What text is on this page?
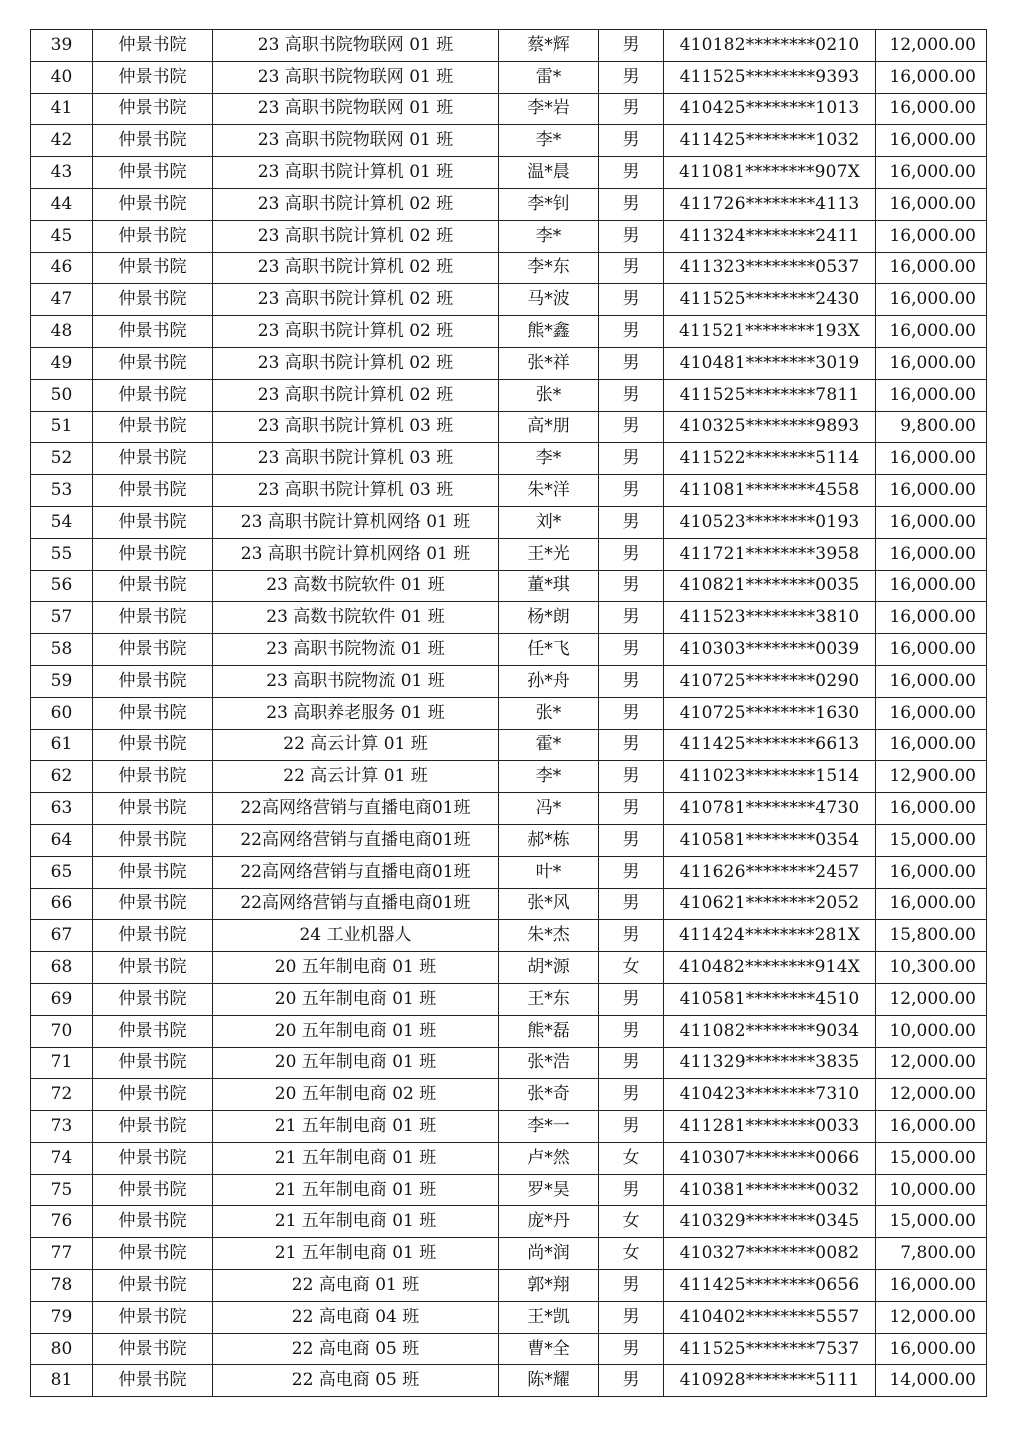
39	仲景书院	23 高职书院物联网 01 班	蔡*辉	男	410182********0210	12,000.00
40	仲景书院	23 高职书院物联网 01 班	雷*	男	411525********9393	16,000.00
41	仲景书院	23 高职书院物联网 01 班	李*岩	男	410425********1013	16,000.00
42	仲景书院	23 高职书院物联网 01 班	李*	男	411425********1032	16,000.00
43	仲景书院	23 高职书院计算机 01 班	温*晨	男	411081********907X	16,000.00
44	仲景书院	23 高职书院计算机 02 班	李*钊	男	411726********4113	16,000.00
45	仲景书院	23 高职书院计算机 02 班	李*	男	411324********2411	16,000.00
46	仲景书院	23 高职书院计算机 02 班	李*东	男	411323********0537	16,000.00
47	仲景书院	23 高职书院计算机 02 班	马*波	男	411525********2430	16,000.00
48	仲景书院	23 高职书院计算机 02 班	熊*鑫	男	411521********193X	16,000.00
49	仲景书院	23 高职书院计算机 02 班	张*祥	男	410481********3019	16,000.00
50	仲景书院	23 高职书院计算机 02 班	张*	男	411525********7811	16,000.00
51	仲景书院	23 高职书院计算机 03 班	高*朋	男	410325********9893	9,800.00
52	仲景书院	23 高职书院计算机 03 班	李*	男	411522********5114	16,000.00
53	仲景书院	23 高职书院计算机 03 班	朱*洋	男	411081********4558	16,000.00
54	仲景书院	23 高职书院计算机网络 01 班	刘*	男	410523********0193	16,000.00
55	仲景书院	23 高职书院计算机网络 01 班	王*光	男	411721********3958	16,000.00
56	仲景书院	23 高数书院软件 01 班	董*琪	男	410821********0035	16,000.00
57	仲景书院	23 高数书院软件 01 班	杨*朗	男	411523********3810	16,000.00
58	仲景书院	23 高职书院物流 01 班	任*飞	男	410303********0039	16,000.00
59	仲景书院	23 高职书院物流 01 班	孙*舟	男	410725********0290	16,000.00
60	仲景书院	23 高职养老服务 01 班	张*	男	410725********1630	16,000.00
61	仲景书院	22 高云计算 01 班	霍*	男	411425********6613	16,000.00
62	仲景书院	22 高云计算 01 班	李*	男	411023********1514	12,900.00
63	仲景书院	22高网络营销与直播电商01班	冯*	男	410781********4730	16,000.00
64	仲景书院	22高网络营销与直播电商01班	郝*栋	男	410581********0354	15,000.00
65	仲景书院	22高网络营销与直播电商01班	叶*	男	411626********2457	16,000.00
66	仲景书院	22高网络营销与直播电商01班	张*风	男	410621********2052	16,000.00
67	仲景书院	24 工业机器人	朱*杰	男	411424********281X	15,800.00
68	仲景书院	20 五年制电商 01 班	胡*源	女	410482********914X	10,300.00
69	仲景书院	20 五年制电商 01 班	王*东	男	410581********4510	12,000.00
70	仲景书院	20 五年制电商 01 班	熊*磊	男	411082********9034	10,000.00
71	仲景书院	20 五年制电商 01 班	张*浩	男	411329********3835	12,000.00
72	仲景书院	20 五年制电商 02 班	张*奇	男	410423********7310	12,000.00
73	仲景书院	21 五年制电商 01 班	李*一	男	411281********0033	16,000.00
74	仲景书院	21 五年制电商 01 班	卢*然	女	410307********0066	15,000.00
75	仲景书院	21 五年制电商 01 班	罗*昊	男	410381********0032	10,000.00
76	仲景书院	21 五年制电商 01 班	庞*丹	女	410329********0345	15,000.00
77	仲景书院	21 五年制电商 01 班	尚*润	女	410327********0082	7,800.00
78	仲景书院	22 高电商 01 班	郭*翔	男	411425********0656	16,000.00
79	仲景书院	22 高电商 04 班	王*凯	男	410402********5557	12,000.00
80	仲景书院	22 高电商 05 班	曹*全	男	411525********7537	16,000.00
81	仲景书院	22 高电商 05 班	陈*耀	男	410928********5111	14,000.00
